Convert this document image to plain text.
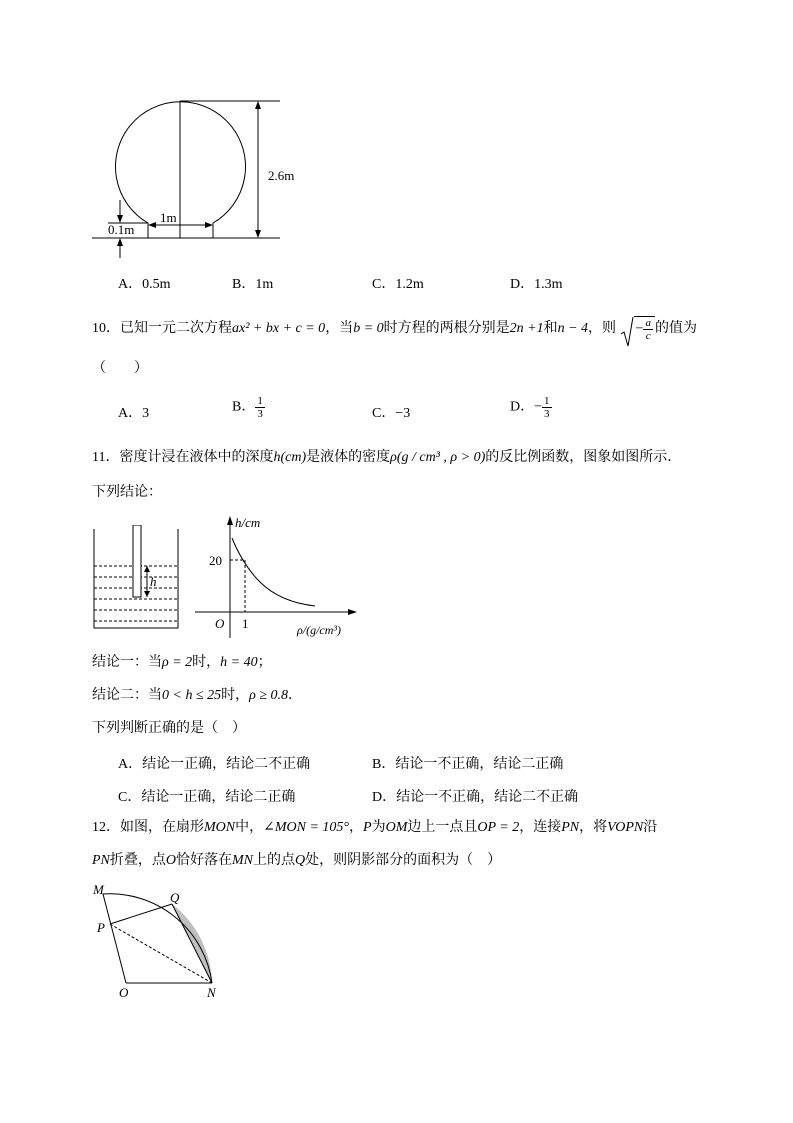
2.6m
1m
0.1m
A．0.5m	B．1m	C．1.2m	D．1.3m
10．已知一元二次方程ax² + bx + c = 0，当b = 0时方程的两根分别是2n +1和n − 4，则 − $\frac{a}{c}$ 的值为
（　　）
A．3	B． $\frac{1}{3}$	C．−3	D．− $\frac{1}{3}$
11．密度计浸在液体中的深度h(cm)是液体的密度ρ(g / cm³ , ρ > 0)的反比例函数，图象如图所示．
下列结论：
h
h/cm
ρ/(g/cm³)
20
1
O
结论一：当ρ = 2时，h = 40；
结论二：当0 < h ≤ 25时，ρ ≥ 0.8．
下列判断正确的是（　）
A．结论一正确，结论二不正确	B．结论一不正确，结论二正确
C．结论一正确，结论二正确	D．结论一不正确，结论二不正确
12．如图，在扇形MON中，∠MON = 105°，P为OM边上一点且OP = 2，连接PN，将VOPN沿
PN折叠，点O恰好落在MN上的点Q处，则阴影部分的面积为（　）
M
Q
P
O	N
